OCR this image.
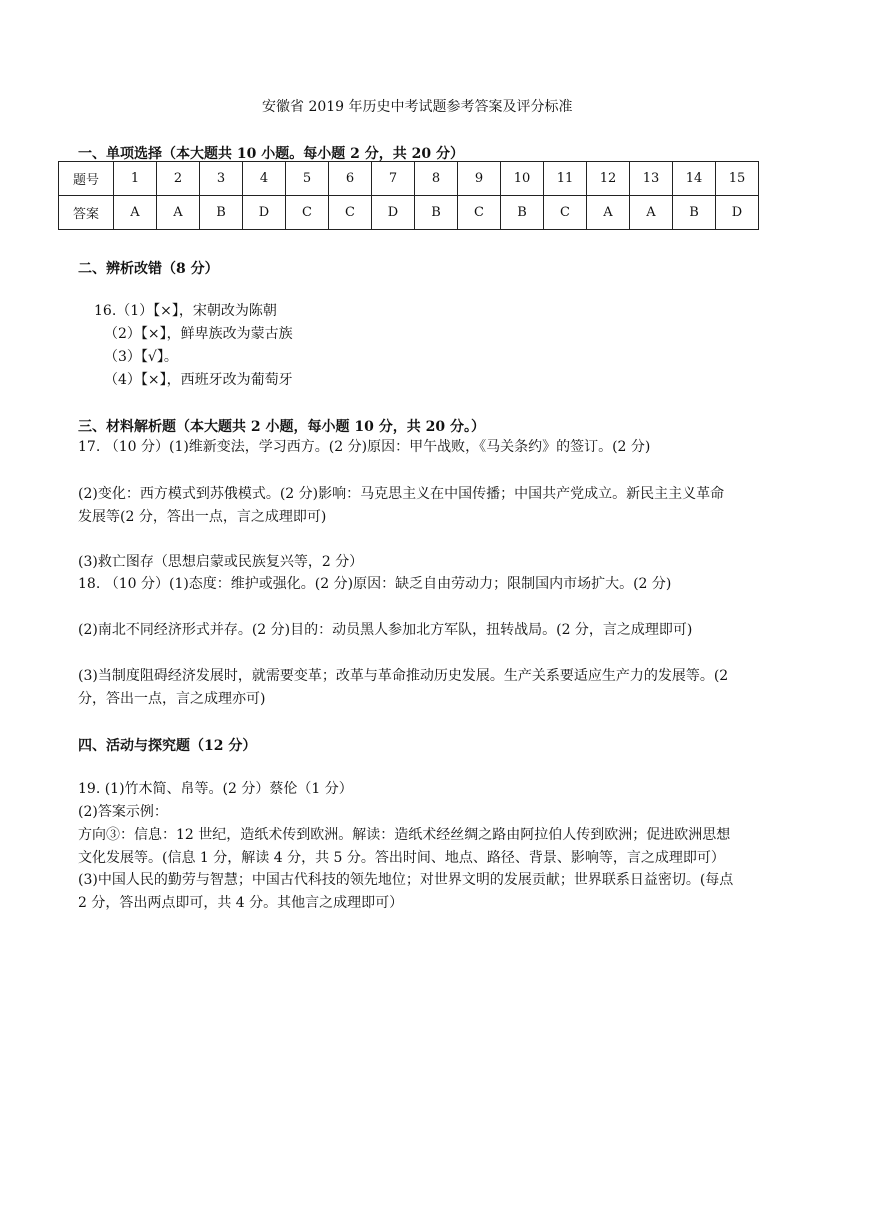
安徽省 2019 年历史中考试题参考答案及评分标准
一、单项选择（本大题共 10 小题。每小题 2 分，共 20 分）
题号	1	2	3	4	5	6	7	8	9	10	11	12	13	14	15
答案	A	A	B	D	C	C	D	B	C	B	C	A	A	B	D
二、辨析改错（8 分）
16.（1）【×】，宋朝改为陈朝
（2）【×】，鲜卑族改为蒙古族
（3）【√】。
（4）【×】，西班牙改为葡萄牙
三、材料解析题（本大题共 2 小题，每小题 10 分，共 20 分。）
17. （10 分）(1)维新变法，学习西方。(2 分)原因：甲午战败，《马关条约》的签订。(2 分)
(2)变化：西方模式到苏俄模式。(2 分)影响：马克思主义在中国传播；中国共产党成立。新民主主义革命
发展等(2 分，答出一点，言之成理即可)
(3)救亡图存（思想启蒙或民族复兴等，2 分）
18. （10 分）(1)态度：维护或强化。(2 分)原因：缺乏自由劳动力；限制国内市场扩大。(2 分)
(2)南北不同经济形式并存。(2 分)目的：动员黑人参加北方军队，扭转战局。(2 分，言之成理即可)
(3)当制度阻碍经济发展时，就需要变革；改革与革命推动历史发展。生产关系要适应生产力的发展等。(2
分，答出一点，言之成理亦可)
四、活动与探究题（12 分）
19. (1)竹木简、帛等。(2 分）蔡伦（1 分）
(2)答案示例：
方向③：信息：12 世纪，造纸术传到欧洲。解读：造纸术经丝绸之路由阿拉伯人传到欧洲；促进欧洲思想
文化发展等。(信息 1 分，解读 4 分，共 5 分。答出时间、地点、路径、背景、影响等，言之成理即可）
(3)中国人民的勤劳与智慧；中国古代科技的领先地位；对世界文明的发展贡献；世界联系日益密切。(每点
2 分，答出两点即可，共 4 分。其他言之成理即可）
